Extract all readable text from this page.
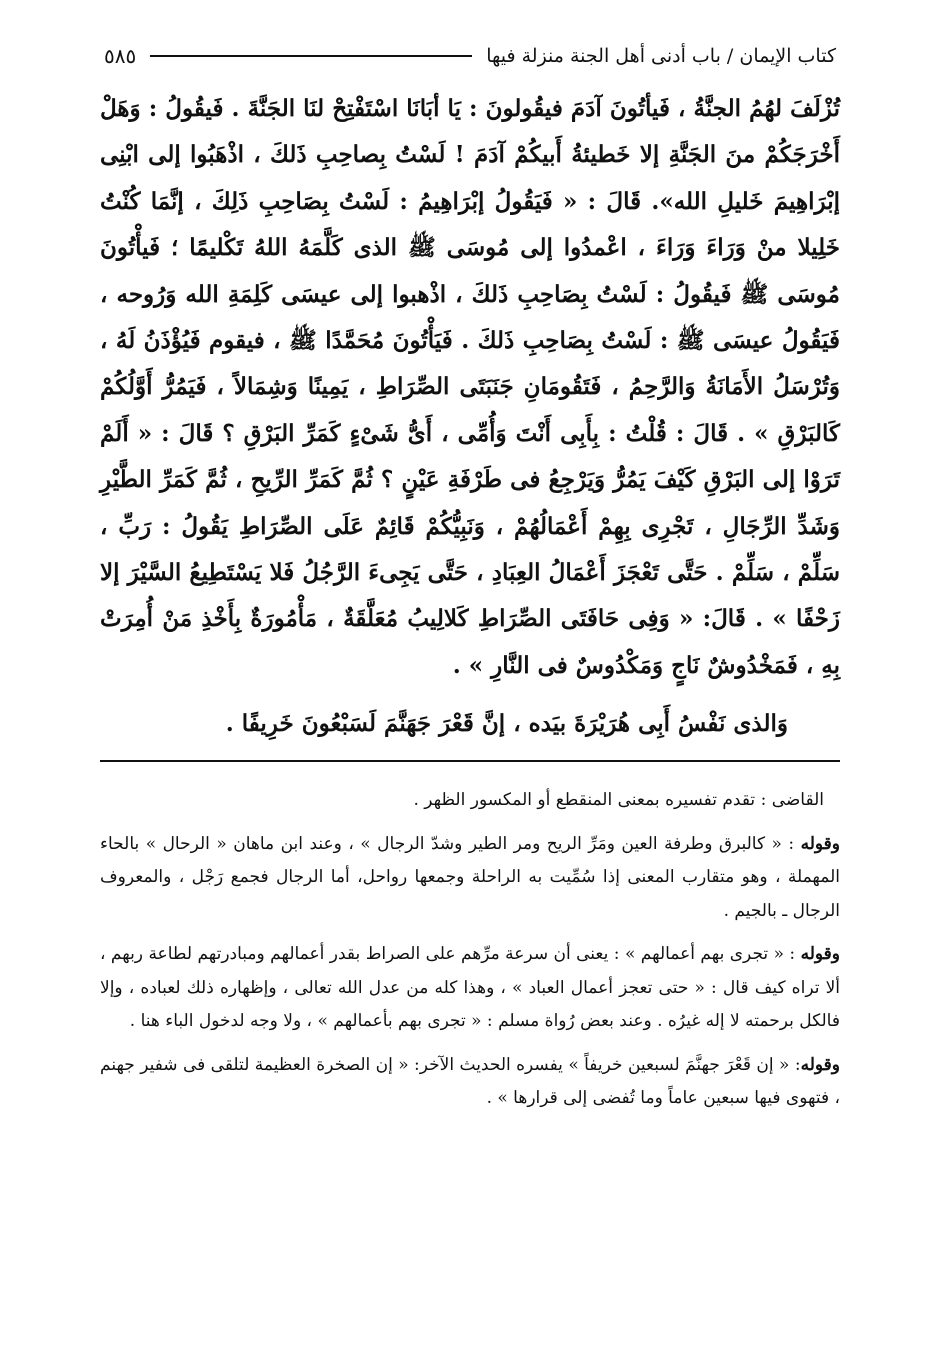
كتاب الإيمان / باب أدنى أهل الجنة منزلة فيها
٥٨٥

تُزْلَفَ لهُمُ الجنَّةُ ، فَيأتُونَ آدَمَ فيقُولونَ : يَا أبَانَا اسْتَفْتِحْ لنَا الجَنَّةَ . فَيقُولُ : وَهَلْ أَخْرَجَكُمْ منَ الجَنَّةِ إلا خَطيئةُ أَبيكُمْ آدَمَ ! لَسْتُ بِصاحِبِ ذَلكَ ، اذْهَبُوا إلى ابْنِى إبْرَاهِيمَ خَليلِ الله». قَالَ : « فَيَقُولُ إبْرَاهِيمُ : لَسْتُ بِصَاحِبِ ذَلِكَ ، إنَّمَا كُنْتُ خَلِيلا منْ وَرَاءَ وَرَاءَ ، اعْمدُوا إلى مُوسَى ﷺ الذى كَلَّمَهُ اللهُ تَكْليمًا ؛ فَيأْتُونَ مُوسَى ﷺ فَيقُولُ : لَسْتُ بِصَاحِبِ ذَلكَ ، اذْهبوا إلى عيسَى كَلِمَةِ الله وَرُوحه ، فَيَقُولُ عيسَى ﷺ : لَسْتُ بِصَاحِبِ ذَلكَ . فَيَأْتُونَ مُحَمَّدًا ﷺ ، فيقوم فَيُؤْذَنُ لَهُ ، وَتُرْسَلُ الأَمَانَةُ وَالرَّحِمُ ، فَتَقُومَانِ جَنَبَتَى الصِّرَاطِ ، يَمِينًا وَشِمَالاً ، فَيَمُرُّ أَوَّلُكُمْ كَالبَرْقِ » . قَالَ : قُلْتُ : بِأَبِى أَنْتَ وَأُمِّى ، أَىُّ شَىْءٍ كَمَرِّ البَرْقِ ؟ قَالَ : « أَلَمْ تَرَوْا إلى البَرْقِ كَيْفَ يَمُرُّ وَيَرْجِعُ فى طَرْفَةِ عَيْنٍ ؟ ثُمَّ كَمَرِّ الرِّيحِ ، ثُمَّ كَمَرِّ الطَّيْرِ وَشَدِّ الرِّجَالِ ، تَجْرِى بِهِمْ أَعْمَالُهُمْ ، وَنَبِيُّكُمْ قَائِمٌ عَلَى الصِّرَاطِ يَقُولُ : رَبِّ ، سَلِّمْ ، سَلِّمْ . حَتَّى تَعْجَزَ أَعْمَالُ العِبَادِ ، حَتَّى يَجِىءَ الرَّجُلُ فَلا يَسْتَطِيعُ السَّيْرَ إلا زَحْفًا » . قَالَ: « وَفِى حَافَتَى الصِّرَاطِ كَلالِيبُ مُعَلَّقَةٌ ، مَأْمُورَةٌ بِأَخْذِ مَنْ أُمِرَتْ بِهِ ، فَمَخْدُوشٌ نَاجٍ وَمَكْدُوسٌ فى النَّارِ » .

وَالذى نَفْسُ أَبِى هُرَيْرَةَ بيَده ، إنَّ قَعْرَ جَهَنَّمَ لَسَبْعُونَ خَرِيفًا .

القاضى : تقدم تفسيره بمعنى المنقطع أو المكسور الظهر .

وقوله : « كالبرق وطرفة العين ومَرِّ الريح ومر الطير وشدّ الرجال » ، وعند ابن ماهان « الرحال » بالحاء المهملة ، وهو متقارب المعنى إذا سُمِّيت به الراحلة وجمعها رواحل، أما الرجال فجمع رَجْل ، والمعروف الرجال ـ بالجيم .

وقوله : « تجرى بهم أعمالهم » : يعنى أن سرعة مرِّهم على الصراط بقدر أعمالهم ومبادرتهم لطاعة ربهم ، ألا تراه كيف قال : « حتى تعجز أعمال العباد » ، وهذا كله من عدل الله تعالى ، وإظهاره ذلك لعباده ، وإلا فالكل برحمته لا إله غيرُه . وعند بعض رُواة مسلم : « تجرى بهم بأعمالهم » ، ولا وجه لدخول الباء هنا .

وقوله: « إن قَعْرَ جهنَّمَ لسبعين خريفاً » يفسره الحديث الآخر: « إن الصخرة العظيمة لتلقى فى شفير جهنم ، فتهوى فيها سبعين عاماً وما تُفضى إلى قرارها » .
